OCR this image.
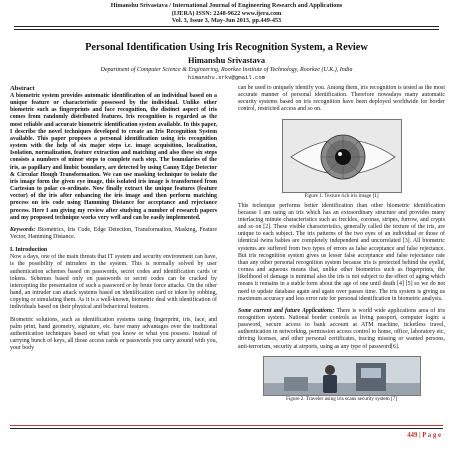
Himanshu Srivastava / International Journal of Engineering Research and Applications
(IJERA) ISSN: 2248-9622 www.ijera.com
Vol. 3, Issue 3, May-Jun 2013, pp.449-453
Personal Identification Using Iris Recognition System, a Review
Himanshu Srivastava
Department of Computer Science & Engineering, Roorkee Institute of Technology, Roorkee (U.K.), India
himanshu.srkv@gmail.com
Abstract
A biometric system provides automatic identification of an individual based on a unique feature or characteristic possessed by the individual. Unlike other biometric such as fingerprints and face recognition, the distinct aspect of iris comes from randomly distributed features. Iris recognition is regarded as the most reliable and accurate biometric identification system available. In this paper, I describe the novel techniques developed to create an Iris Recognition System available. This paper proposes a personal identification using iris recognition system with the help of six major steps i.e. image acquisition, localization, Isolation, normalization, feature extraction and matching and also these six steps consists a numbers of minor steps to complete each step. The boundaries of the iris, as papillary and limbic boundary, are detected by using Canny Edge Detector & Circular Hough Transformation. We can use masking technique to isolate the iris image form the given eye image, this isolated iris image is transformed from Cartesian to polar co-ordinate. Now finally extract the unique features (feature vector) of the iris after enhancing the iris image and then perform matching process on iris code using Hamming Distance for acceptance and rejectance process. Here I am giving my review after studying a number of research papers and my proposed technique works very well and can be easily implemented.
Keywords: Biometrics, Iris Code, Edge Detection, Transformation, Masking, Feature Vector, Hamming Distance.
I. Introduction
Now a days, one of the main threats that IT system and security environment can have, is the possibility of intruders in the system. This is normally solved by user authentication schemes based on passwords, secret codes and identification cards or tokens. Schemes based only on passwords or secret codes can be cracked by intercepting the presentation of such a password or by brute force attacks. On the other hand, an intruder can attack systems based on identification card or token by robbing, copying or simulating them. As it is a well-known, biometric deal with identification of individuals based on their physical and behavioral features.
Biometric solutions, such as identification systems using fingerprint, iris, face, and palm print, hand geometry, signature, etc. have many advantages over the traditional authentication techniques based on what you know or what you possess. Instead of carrying bunch of keys, all those access cards or passwords you carry around with you, your body
can be used to uniquely identify you. Among them, iris recognition is tested as the most accurate manner of personal identification. Therefore nowadays many automatic security systems based on iris recognition have been deployed worldwide for border control, restricted access and so on.
Figure 1. Texture rich iris image [1]
This technique performs better identification than other biometric identification because I am using an iris which has an extraordinary structure and provides many interlacing minute characteristics such as freckles, coronas, stripes, furrow, and crypts and so on [2]. These visible characteristics, generally called the texture of the iris, are unique to each subject. The iris patterns of the two eyes of an individual or those of identical twins babies are completely independent and uncorrelated [3]. All biometric systems are suffered from two types of errors as false acceptance and false rejectance. But iris recognition system gives us lesser false acceptance and false rejectance rate than any other personal recognition system because iris is protected behind the eyelid, cornea and aqueous means that, unlike other biometrics such as fingerprints, the likelihood of damage is minimal also the iris is not subject to the effect of aging which means it remains in a stable form about the age of one until death [4] [5] so we do not need to update database again and again over passes time. The iris system is giving us maximum accuracy and less error rate for personal identification in biometric analysis.
Some current and future Applications: There is world wide applications area of iris recognition system. National border controls as living passport, computer login: a password, secure access to bank account at ATM machine, ticketless travel, authentication in networking, permission access control to home, office, laboratory etc, driving licenses, and other personal certificates, tracing missing or wanted persons, anti-terrorism, security at airports, using as any type of password[6].
Figure 2. Traveler using iris scans security system [7]
449 | P a g e
